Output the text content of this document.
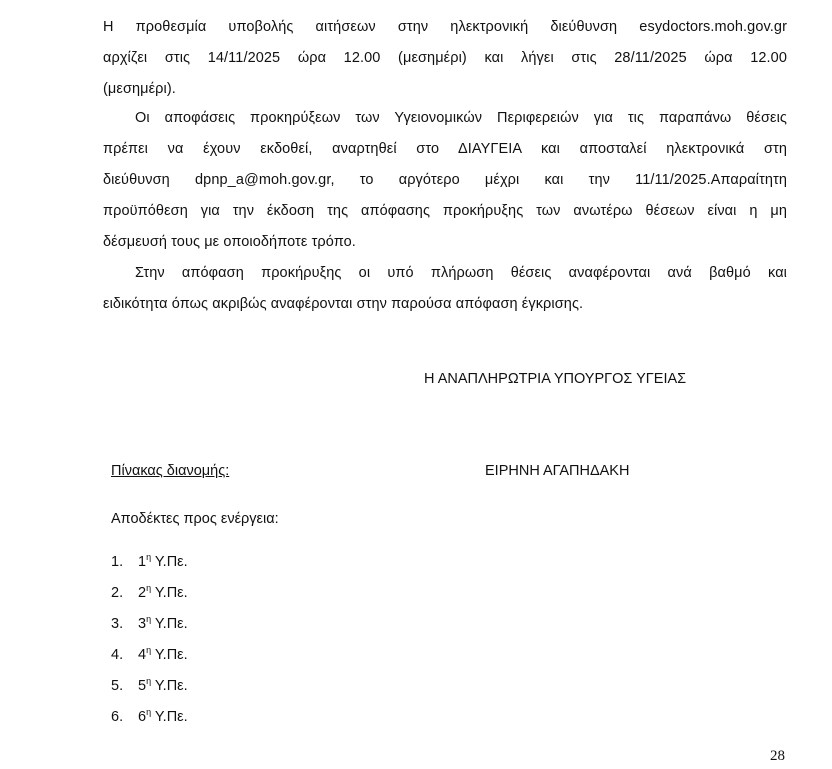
Η προθεσμία υποβολής αιτήσεων στην ηλεκτρονική διεύθυνση esydoctors.moh.gov.gr
αρχίζει στις 14/11/2025 ώρα 12.00 (μεσημέρι) και λήγει στις 28/11/2025 ώρα 12.00
(μεσημέρι).

Οι αποφάσεις προκηρύξεων των Υγειονομικών Περιφερειών για τις παραπάνω θέσεις
πρέπει να έχουν εκδοθεί, αναρτηθεί στο ΔΙΑΥΓΕΙΑ και αποσταλεί ηλεκτρονικά στη
διεύθυνση dpnp_a@moh.gov.gr, το αργότερο μέχρι και την 11/11/2025.Απαραίτητη
προϋπόθεση για την έκδοση της απόφασης προκήρυξης των ανωτέρω θέσεων είναι η μη
δέσμευσή τους με οποιοδήποτε τρόπο.

Στην απόφαση προκήρυξης οι υπό πλήρωση θέσεις αναφέρονται ανά βαθμό και
ειδικότητα όπως ακριβώς αναφέρονται στην παρούσα απόφαση έγκρισης.

Η ΑΝΑΠΛΗΡΩΤΡΙΑ ΥΠΟΥΡΓΟΣ ΥΓΕΙΑΣ
Πίνακας διανομής:	ΕΙΡΗΝΗ ΑΓΑΠΗΔΑΚΗ
Αποδέκτες προς ενέργεια:
1. $1^\eta$ Υ.Πε.
2. $2^\eta$ Υ.Πε.
3. $3^\eta$ Υ.Πε.
4. $4^\eta$ Υ.Πε.
5. $5^\eta$ Υ.Πε.
6. $6^\eta$ Υ.Πε.
28
